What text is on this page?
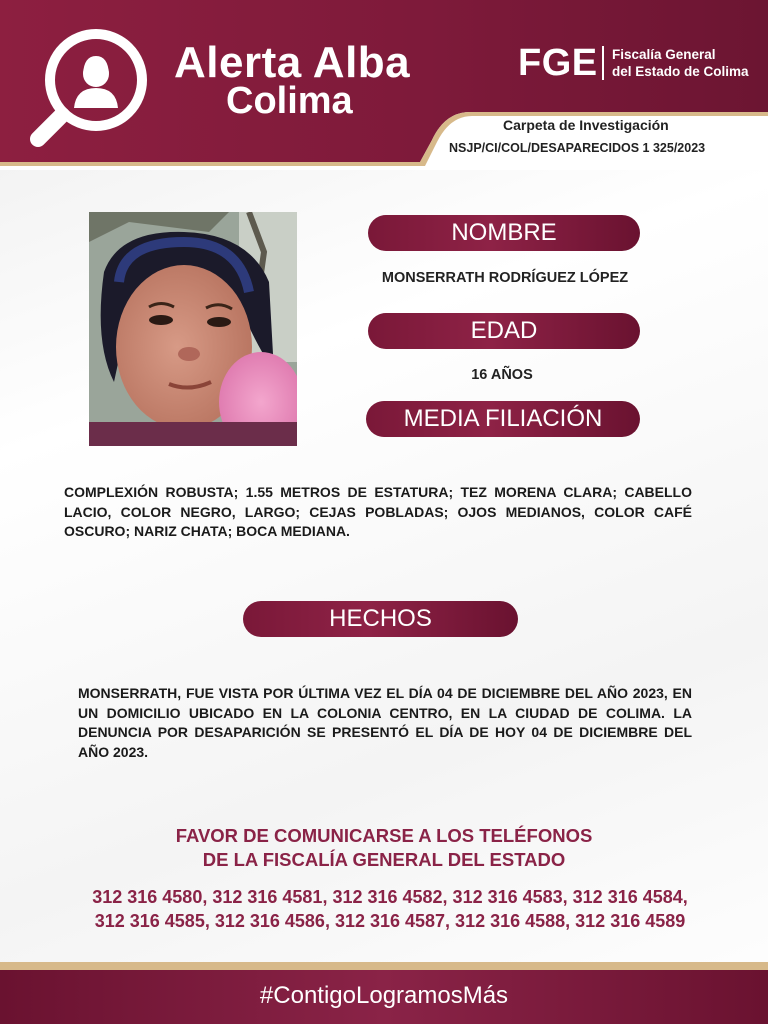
Alerta Alba
Colima
FGE Fiscalía General
del Estado de Colima
Carpeta de Investigación
NSJP/CI/COL/DESAPARECIDOS 1 325/2023
NOMBRE
MONSERRATH RODRÍGUEZ LÓPEZ
EDAD
16 AÑOS
MEDIA FILIACIÓN
COMPLEXIÓN ROBUSTA; 1.55 METROS DE ESTATURA; TEZ MORENA CLARA; CABELLO LACIO, COLOR NEGRO, LARGO; CEJAS POBLADAS; OJOS MEDIANOS, COLOR CAFÉ OSCURO; NARIZ CHATA; BOCA MEDIANA.
HECHOS
MONSERRATH, FUE VISTA POR ÚLTIMA VEZ EL DÍA 04 DE DICIEMBRE DEL AÑO 2023, EN UN DOMICILIO UBICADO EN LA COLONIA CENTRO, EN LA CIUDAD DE COLIMA. LA DENUNCIA POR DESAPARICIÓN SE PRESENTÓ EL DÍA DE HOY 04 DE DICIEMBRE DEL AÑO 2023.
FAVOR DE COMUNICARSE A LOS TELÉFONOS
DE LA FISCALÍA GENERAL DEL ESTADO
312 316 4580, 312 316 4581, 312 316 4582, 312 316 4583, 312 316 4584, 312 316 4585, 312 316 4586, 312 316 4587, 312 316 4588, 312 316 4589
#ContigoLogramosMás
